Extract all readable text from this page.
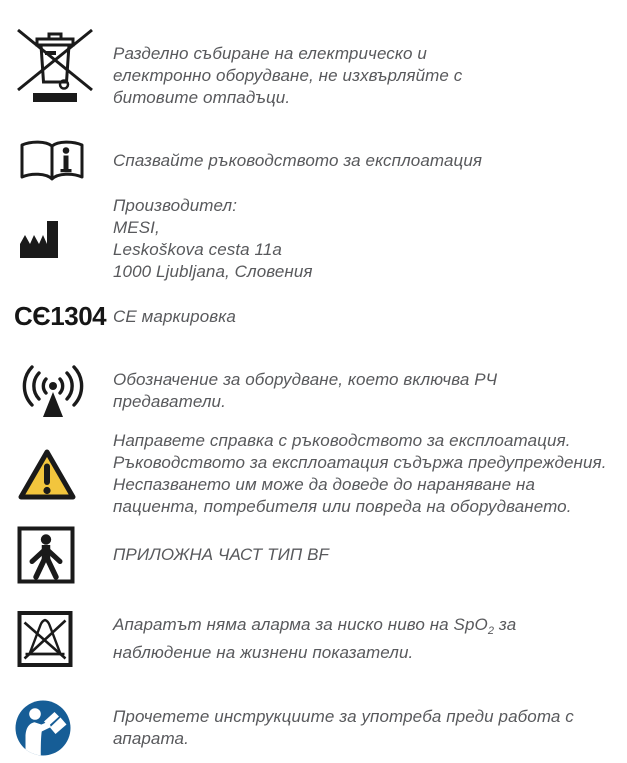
Разделно събиране на електрическо и
електронно оборудване, не изхвърляйте с
битовите отпадъци.
Спазвайте ръководството за експлоатация
Производител:
MESI,
Leskoškova cesta 11a
1000 Ljubljana, Словения
CЄ1304 CE маркировка
Обозначение за оборудване, което включва РЧ
предаватели.
Направете справка с ръководството за експлоатация.
Ръководството за експлоатация съдържа предупреждения.
Неспазването им може да доведе до нараняване на
пациента, потребителя или повреда на оборудването.
ПРИЛОЖНА ЧАСТ ТИП BF
Апаратът няма аларма за ниско ниво на SpO$_2$ за
наблюдение на жизнени показатели.
Прочетете инструкциите за употреба преди работа с
апарата.
